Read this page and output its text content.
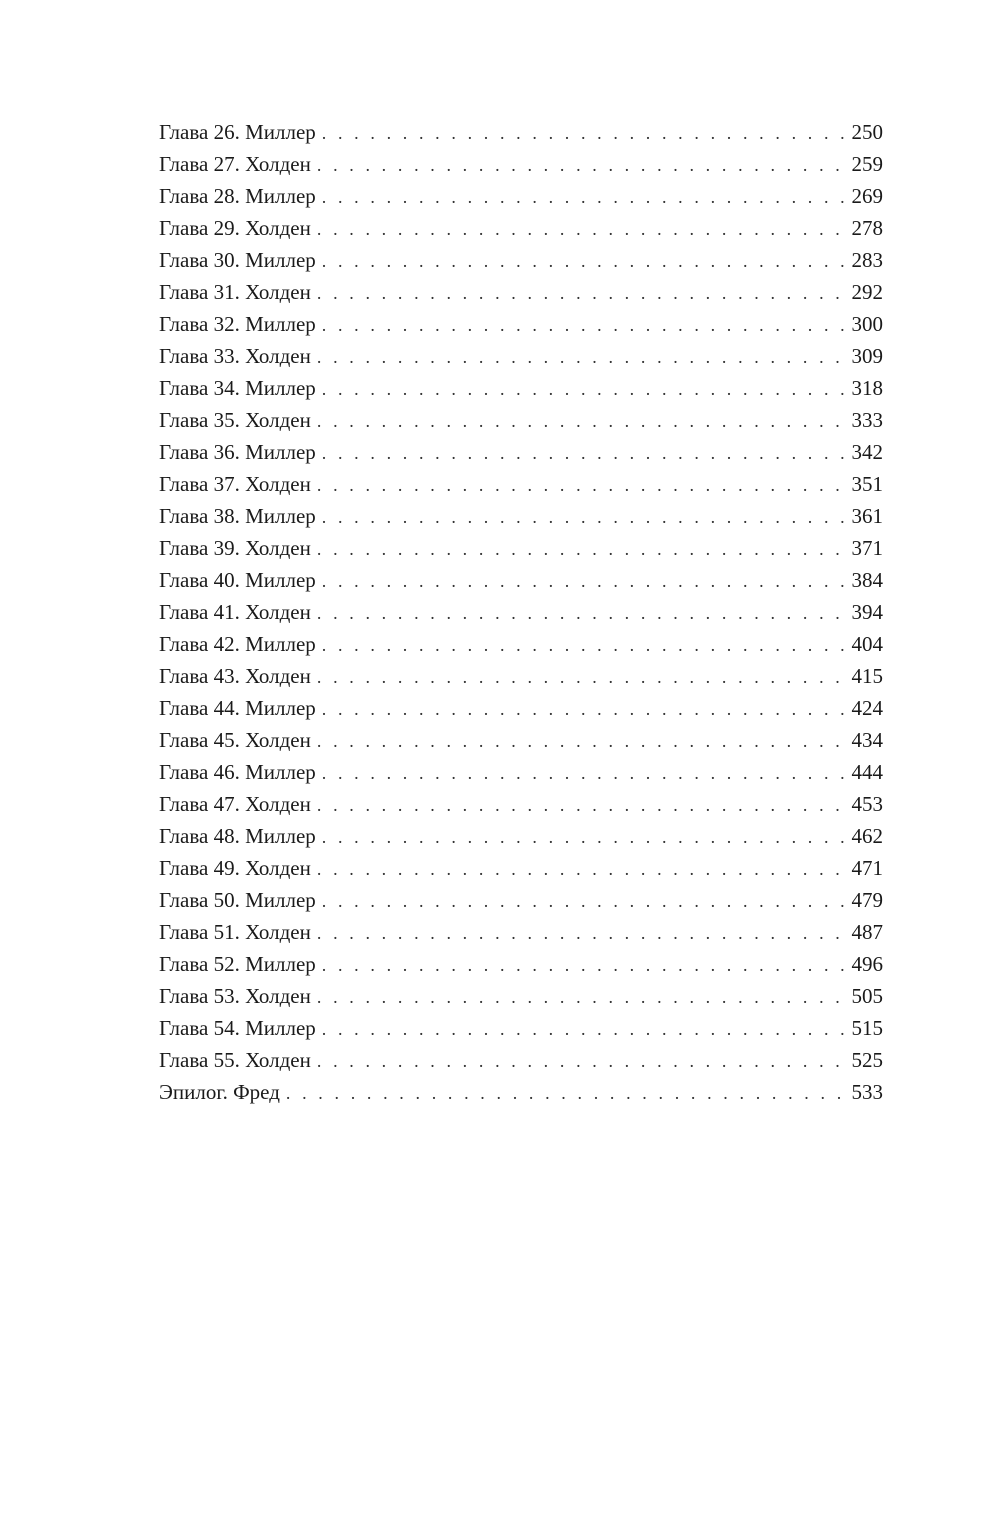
Глава 26. Миллер . . .	250
Глава 27. Холден . . .	259
Глава 28. Миллер . . .	269
Глава 29. Холден . . .	278
Глава 30. Миллер . . .	283
Глава 31. Холден . . .	292
Глава 32. Миллер . . .	300
Глава 33. Холден . . .	309
Глава 34. Миллер . . .	318
Глава 35. Холден . . .	333
Глава 36. Миллер . . .	342
Глава 37. Холден . . .	351
Глава 38. Миллер . . .	361
Глава 39. Холден . . .	371
Глава 40. Миллер . . .	384
Глава 41. Холден . . .	394
Глава 42. Миллер . . .	404
Глава 43. Холден . . .	415
Глава 44. Миллер . . .	424
Глава 45. Холден . . .	434
Глава 46. Миллер . . .	444
Глава 47. Холден . . .	453
Глава 48. Миллер . . .	462
Глава 49. Холден . . .	471
Глава 50. Миллер . . .	479
Глава 51. Холден . . .	487
Глава 52. Миллер . . .	496
Глава 53. Холден . . .	505
Глава 54. Миллер . . .	515
Глава 55. Холден . . .	525
Эпилог. Фред . . .	533
